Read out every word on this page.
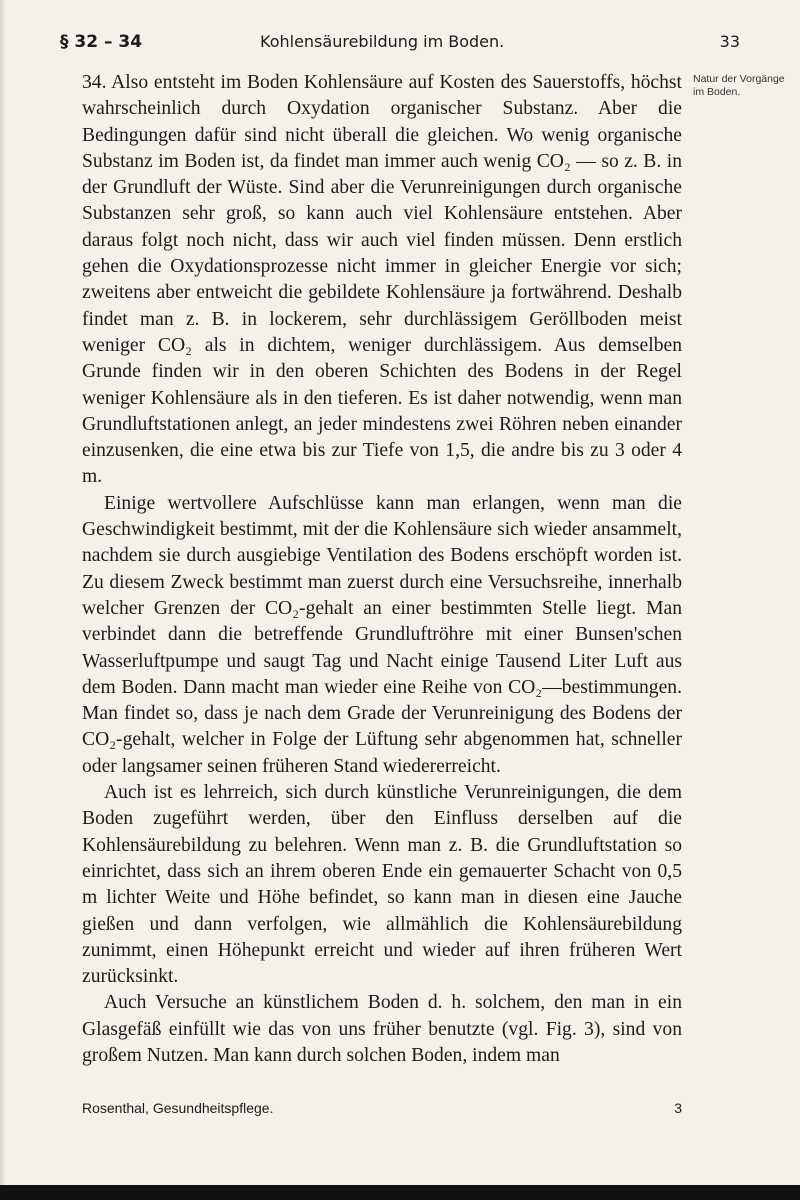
§ 32 – 34	Kohlensäurebildung im Boden.	33
Natur der Vorgänge im Boden.

34. Also entsteht im Boden Kohlensäure auf Kosten des Sauerstoffs, höchst wahrscheinlich durch Oxydation organischer Substanz. Aber die Bedingungen dafür sind nicht überall die gleichen. Wo wenig organische Substanz im Boden ist, da findet man immer auch wenig CO₂ — so z. B. in der Grundluft der Wüste. Sind aber die Verunreinigungen durch organische Substanzen sehr groß, so kann auch viel Kohlensäure entstehen. Aber daraus folgt noch nicht, dass wir auch viel finden müssen. Denn erstlich gehen die Oxydationsprozesse nicht immer in gleicher Energie vor sich; zweitens aber entweicht die gebildete Kohlensäure ja fortwährend. Deshalb findet man z. B. in lockerem, sehr durchlässigem Geröllboden meist weniger CO₂ als in dichtem, weniger durchlässigem. Aus demselben Grunde finden wir in den oberen Schichten des Bodens in der Regel weniger Kohlensäure als in den tieferen. Es ist daher notwendig, wenn man Grundluftstationen anlegt, an jeder mindestens zwei Röhren neben einander einzusenken, die eine etwa bis zur Tiefe von 1,5, die andre bis zu 3 oder 4 m.

Einige wertvollere Aufschlüsse kann man erlangen, wenn man die Geschwindigkeit bestimmt, mit der die Kohlensäure sich wieder ansammelt, nachdem sie durch ausgiebige Ventilation des Bodens erschöpft worden ist. Zu diesem Zweck bestimmt man zuerst durch eine Versuchsreihe, innerhalb welcher Grenzen der CO₂-gehalt an einer bestimmten Stelle liegt. Man verbindet dann die betreffende Grundluftröhre mit einer Bunsen'schen Wasserluftpumpe und saugt Tag und Nacht einige Tausend Liter Luft aus dem Boden. Dann macht man wieder eine Reihe von CO₂—bestimmungen. Man findet so, dass je nach dem Grade der Verunreinigung des Bodens der CO₂-gehalt, welcher in Folge der Lüftung sehr abgenommen hat, schneller oder langsamer seinen früheren Stand wiedererreicht.

Auch ist es lehrreich, sich durch künstliche Verunreinigungen, die dem Boden zugeführt werden, über den Einfluss derselben auf die Kohlensäurebildung zu belehren. Wenn man z. B. die Grundluftstation so einrichtet, dass sich an ihrem oberen Ende ein gemauerter Schacht von 0,5 m lichter Weite und Höhe befindet, so kann man in diesen eine Jauche gießen und dann verfolgen, wie allmählich die Kohlensäurebildung zunimmt, einen Höhepunkt erreicht und wieder auf ihren früheren Wert zurücksinkt.

Auch Versuche an künstlichem Boden d. h. solchem, den man in ein Glasgefäß einfüllt wie das von uns früher benutzte (vgl. Fig. 3), sind von großem Nutzen. Man kann durch solchen Boden, indem man

Rosenthal, Gesundheitspflege.	3
